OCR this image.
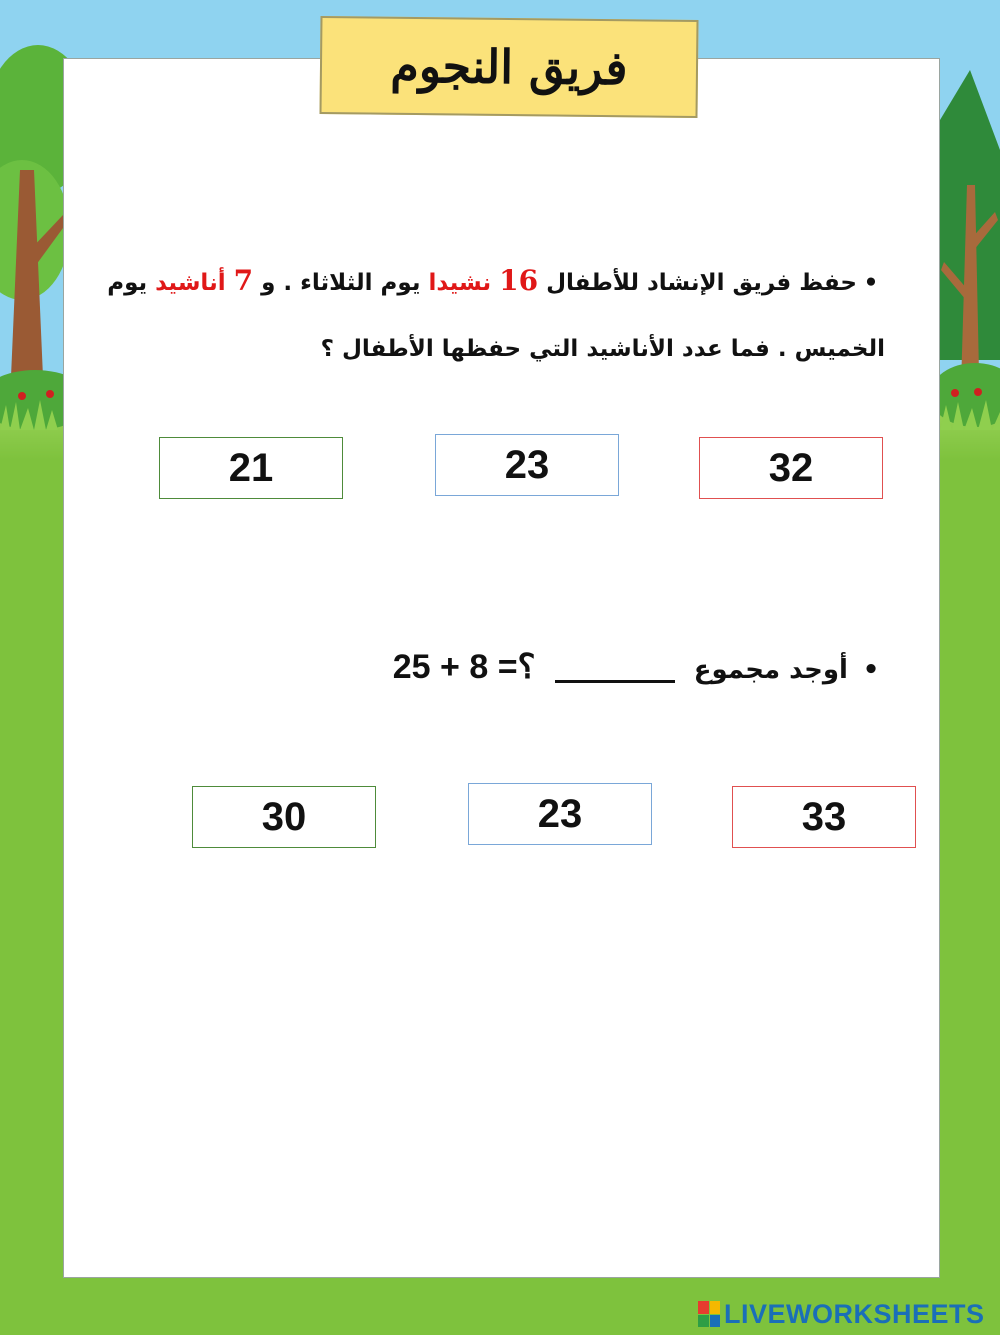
فريق النجوم
•حفظ فريق الإنشاد للأطفال 16 نشيدا يوم الثلاثاء . و 7 أناشيد يوم الخميس . فما عدد الأناشيد التي حفظها الأطفال ؟
21	23	32
• أوجد مجموع  25 + 8 =؟
30	23	33
LIVEWORKSHEETS
